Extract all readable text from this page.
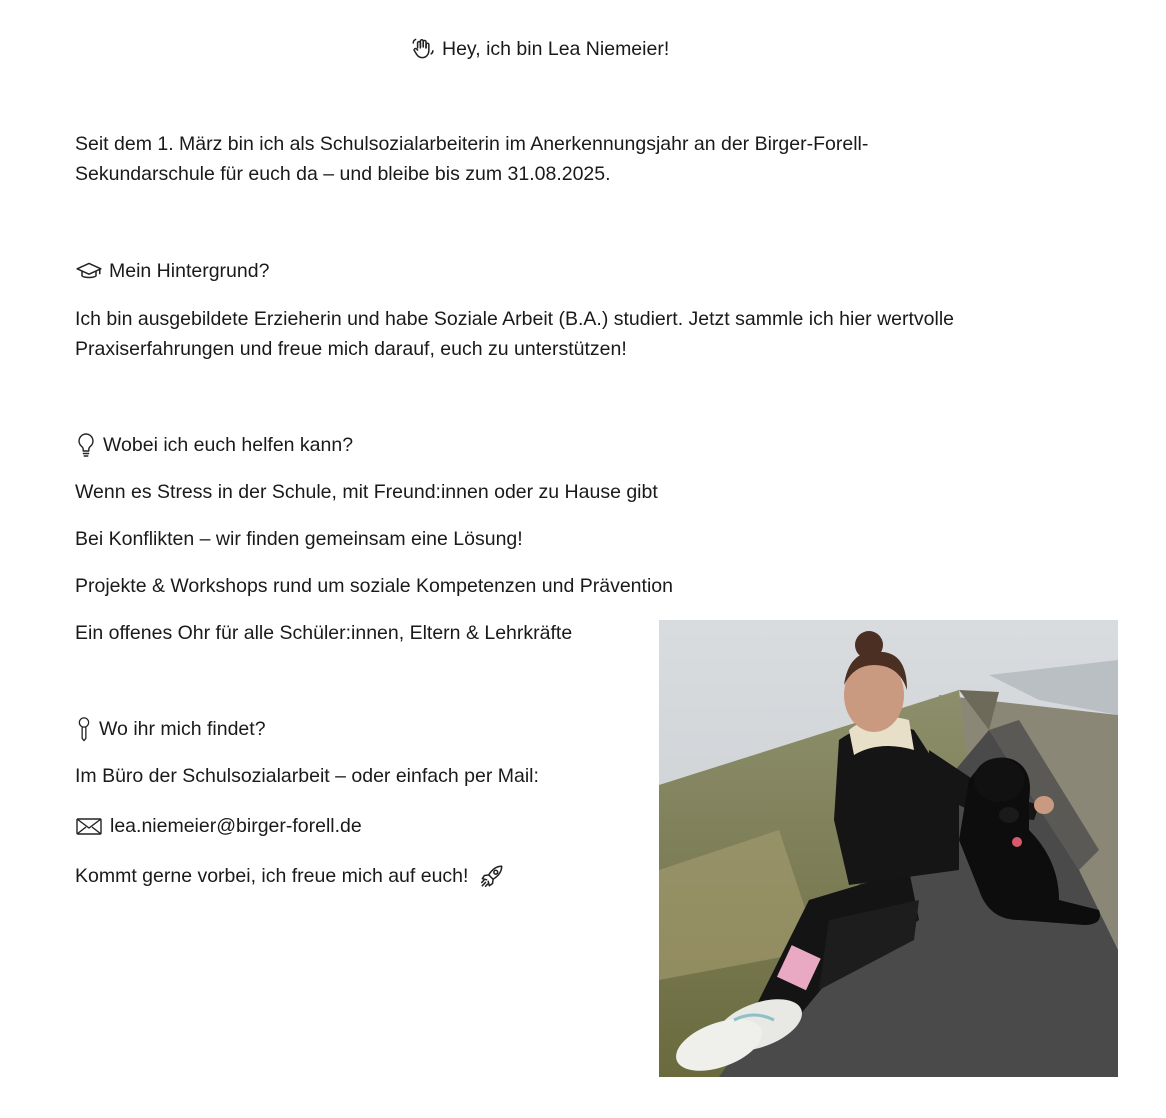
Hey, ich bin Lea Niemeier!
Seit dem 1. März bin ich als Schulsozialarbeiterin im Anerkennungsjahr an der Birger-Forell-
Sekundarschule für euch da – und bleibe bis zum 31.08.2025.
Mein Hintergrund?
Ich bin ausgebildete Erzieherin und habe Soziale Arbeit (B.A.) studiert. Jetzt sammle ich hier wertvolle
Praxiserfahrungen und freue mich darauf, euch zu unterstützen!
Wobei ich euch helfen kann?
Wenn es Stress in der Schule, mit Freund:innen oder zu Hause gibt
Bei Konflikten – wir finden gemeinsam eine Lösung!
Projekte & Workshops rund um soziale Kompetenzen und Prävention
Ein offenes Ohr für alle Schüler:innen, Eltern & Lehrkräfte
Wo ihr mich findet?
Im Büro der Schulsozialarbeit – oder einfach per Mail:
lea.niemeier@birger-forell.de
Kommt gerne vorbei, ich freue mich auf euch!
